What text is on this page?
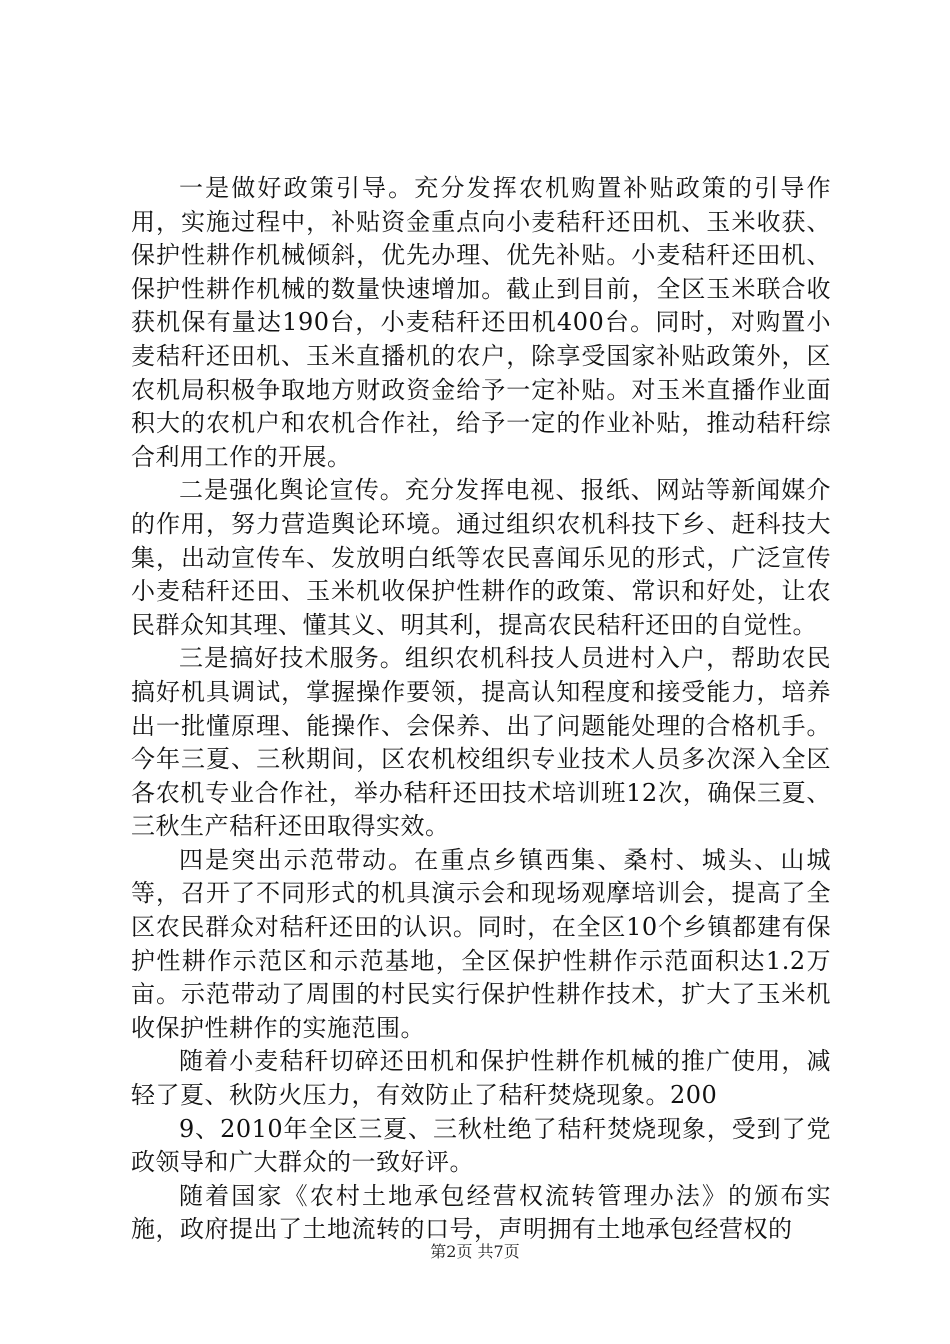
一是做好政策引导。充分发挥农机购置补贴政策的引导作用，实施过程中，补贴资金重点向小麦秸秆还田机、玉米收获、保护性耕作机械倾斜，优先办理、优先补贴。小麦秸秆还田机、保护性耕作机械的数量快速增加。截止到目前，全区玉米联合收获机保有量达190台，小麦秸秆还田机400台。同时，对购置小麦秸秆还田机、玉米直播机的农户，除享受国家补贴政策外，区农机局积极争取地方财政资金给予一定补贴。对玉米直播作业面积大的农机户和农机合作社，给予一定的作业补贴，推动秸秆综合利用工作的开展。

二是强化舆论宣传。充分发挥电视、报纸、网站等新闻媒介的作用，努力营造舆论环境。通过组织农机科技下乡、赶科技大集，出动宣传车、发放明白纸等农民喜闻乐见的形式，广泛宣传小麦秸秆还田、玉米机收保护性耕作的政策、常识和好处，让农民群众知其理、懂其义、明其利，提高农民秸秆还田的自觉性。

三是搞好技术服务。组织农机科技人员进村入户，帮助农民搞好机具调试，掌握操作要领，提高认知程度和接受能力，培养出一批懂原理、能操作、会保养、出了问题能处理的合格机手。今年三夏、三秋期间，区农机校组织专业技术人员多次深入全区各农机专业合作社，举办秸秆还田技术培训班12次，确保三夏、三秋生产秸秆还田取得实效。

四是突出示范带动。在重点乡镇西集、桑村、城头、山城等，召开了不同形式的机具演示会和现场观摩培训会，提高了全区农民群众对秸秆还田的认识。同时，在全区10个乡镇都建有保护性耕作示范区和示范基地，全区保护性耕作示范面积达1.2万亩。示范带动了周围的村民实行保护性耕作技术，扩大了玉米机收保护性耕作的实施范围。

随着小麦秸秆切碎还田机和保护性耕作机械的推广使用，减轻了夏、秋防火压力，有效防止了秸秆焚烧现象。200

9、2010年全区三夏、三秋杜绝了秸秆焚烧现象，受到了党政领导和广大群众的一致好评。

随着国家《农村土地承包经营权流转管理办法》的颁布实施，政府提出了土地流转的口号，声明拥有土地承包经营权的

第2页 共7页
